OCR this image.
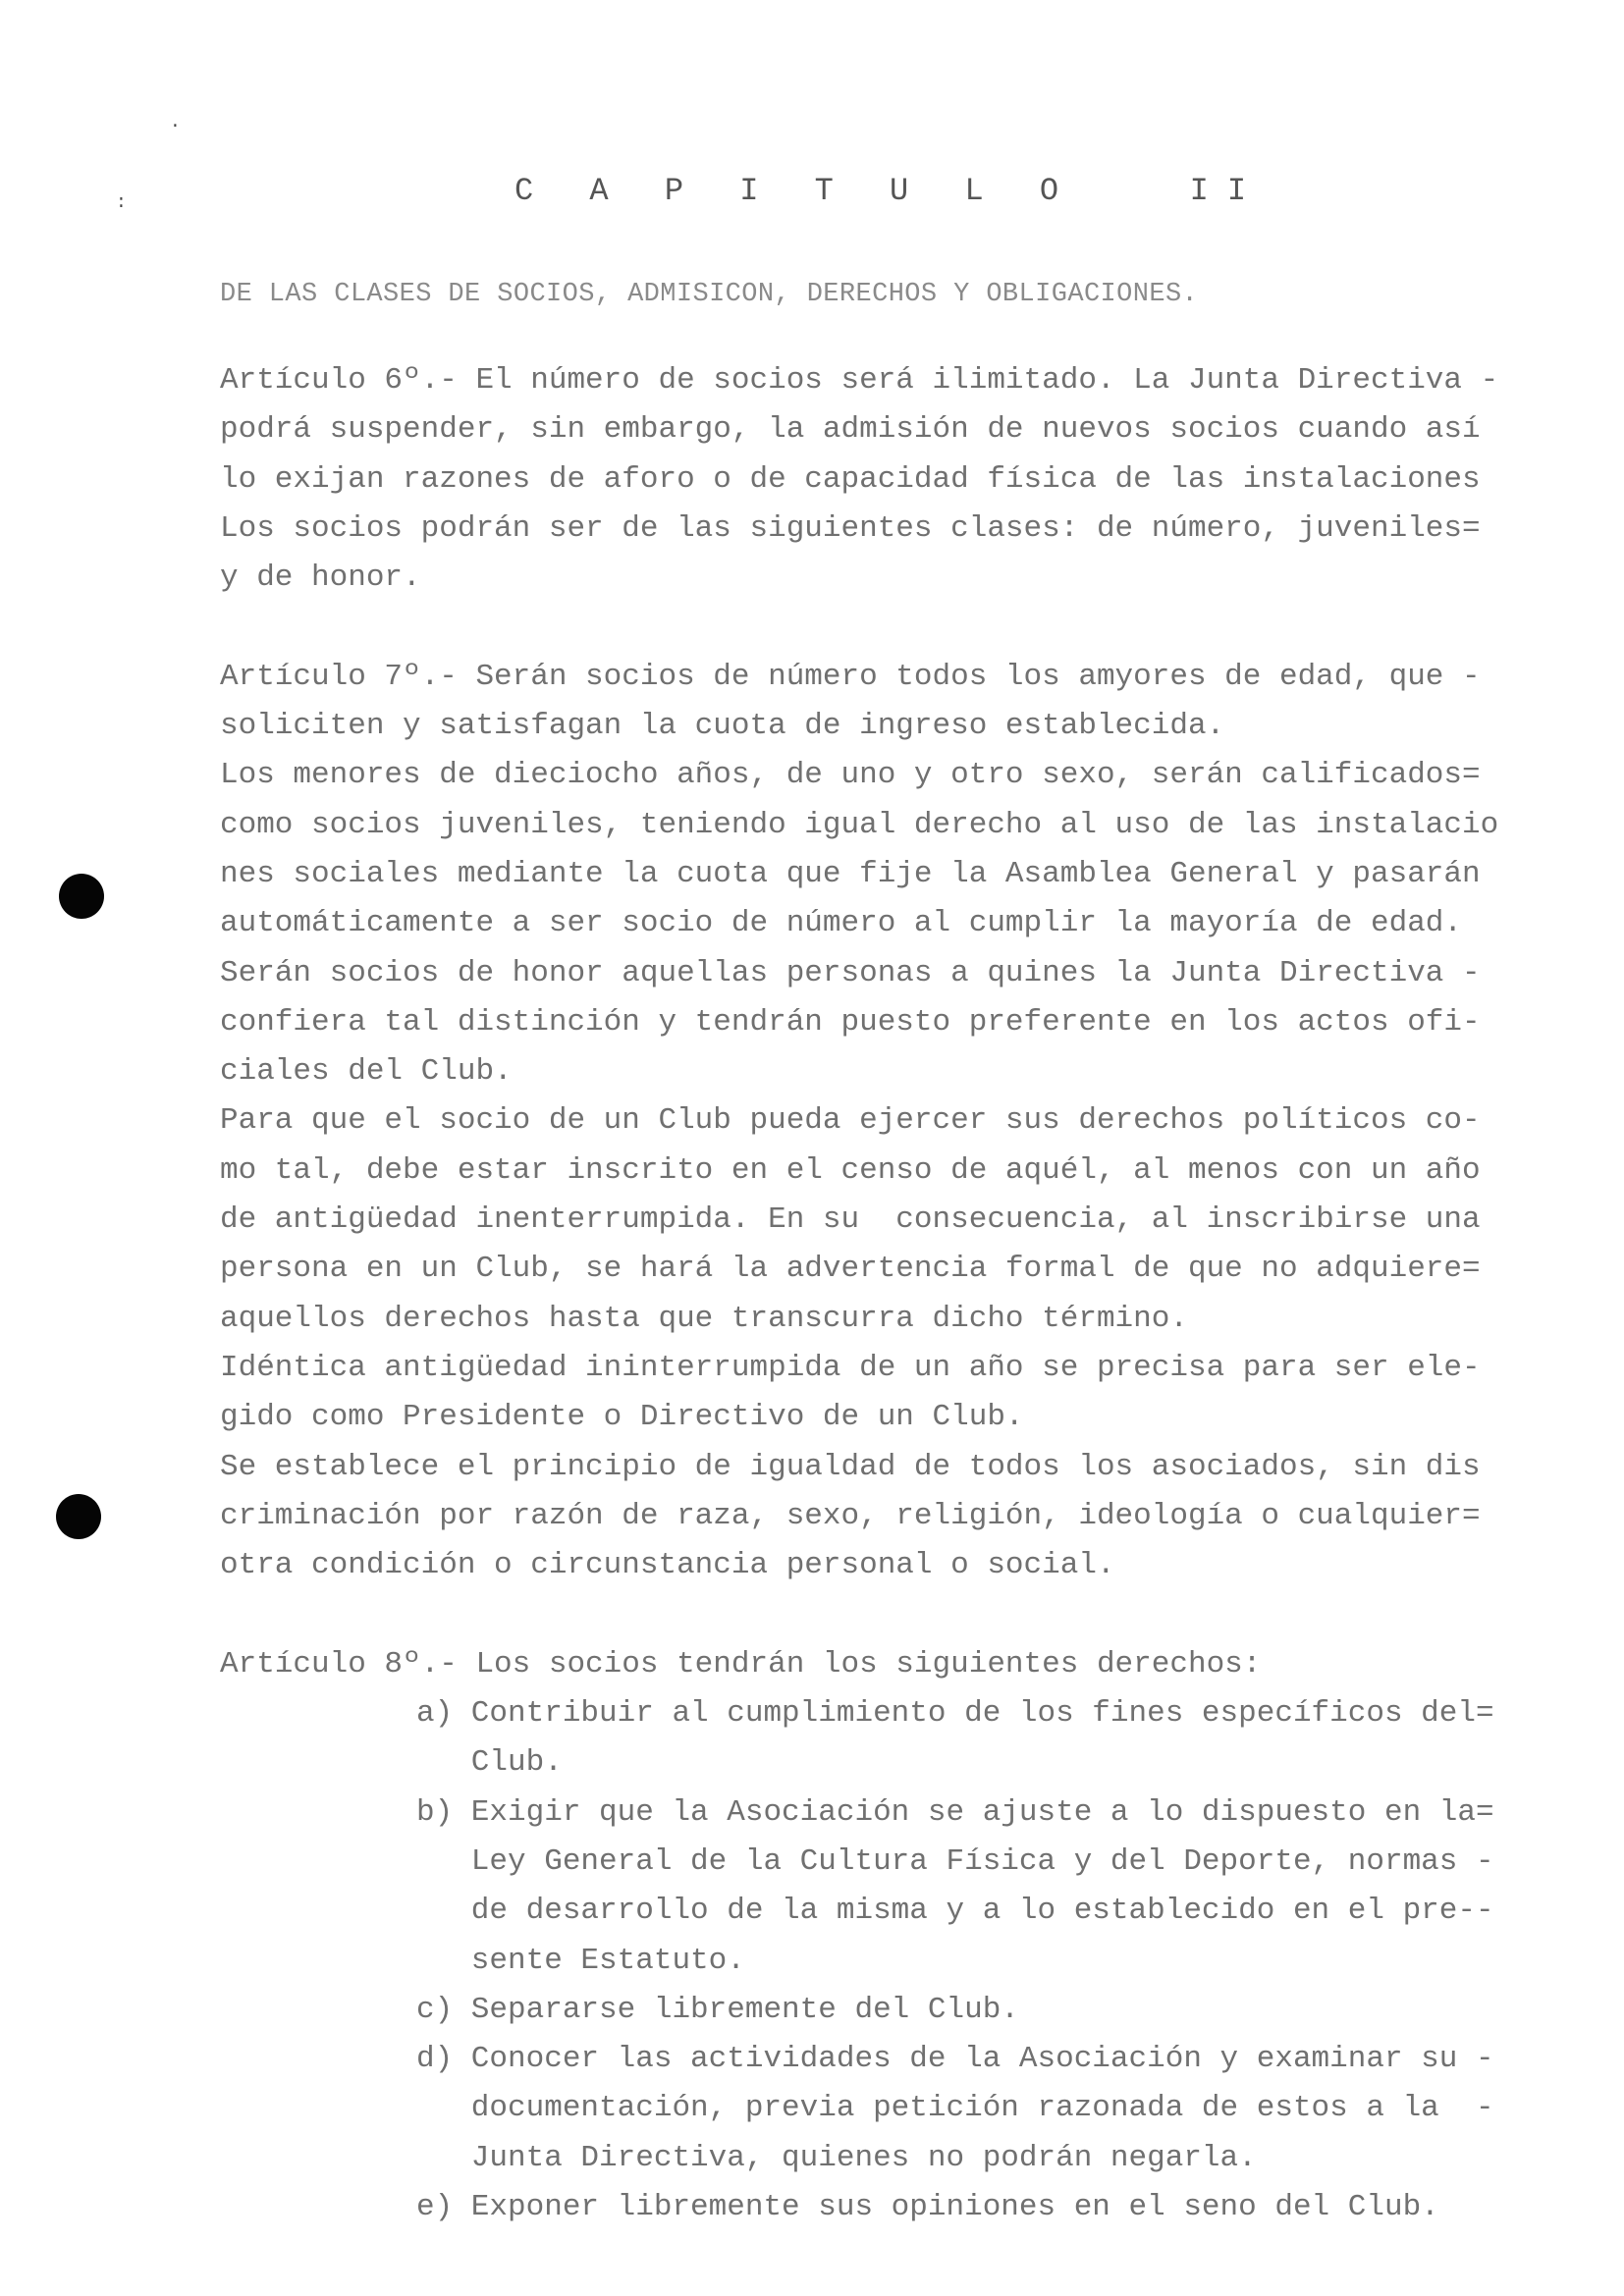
.
:	C A P I T U L O   II
DE LAS CLASES DE SOCIOS, ADMISICON, DERECHOS Y OBLIGACIONES.
Artículo 6º.- El número de socios será ilimitado. La Junta Directiva -
podrá suspender, sin embargo, la admisión de nuevos socios cuando así
lo exijan razones de aforo o de capacidad física de las instalaciones
Los socios podrán ser de las siguientes clases: de número, juveniles=
y de honor.
Artículo 7º.- Serán socios de número todos los amyores de edad, que -
soliciten y satisfagan la cuota de ingreso establecida.
Los menores de dieciocho años, de uno y otro sexo, serán calificados=
como socios juveniles, teniendo igual derecho al uso de las instalacio
nes sociales mediante la cuota que fije la Asamblea General y pasarán
automáticamente a ser socio de número al cumplir la mayoría de edad.
Serán socios de honor aquellas personas a quines la Junta Directiva -
confiera tal distinción y tendrán puesto preferente en los actos ofi-
ciales del Club.
Para que el socio de un Club pueda ejercer sus derechos políticos co-
mo tal, debe estar inscrito en el censo de aquél, al menos con un año
de antigüedad inenterrumpida. En su  consecuencia, al inscribirse una
persona en un Club, se hará la advertencia formal de que no adquiere=
aquellos derechos hasta que transcurra dicho término.
Idéntica antigüedad ininterrumpida de un año se precisa para ser ele-
gido como Presidente o Directivo de un Club.
Se establece el principio de igualdad de todos los asociados, sin dis
criminación por razón de raza, sexo, religión, ideología o cualquier=
otra condición o circunstancia personal o social.
Artículo 8º.- Los socios tendrán los siguientes derechos:
a) Contribuir al cumplimiento de los fines específicos del=
Club.
b) Exigir que la Asociación se ajuste a lo dispuesto en la=
Ley General de la Cultura Física y del Deporte, normas -
de desarrollo de la misma y a lo establecido en el pre--
sente Estatuto.
c) Separarse libremente del Club.
d) Conocer las actividades de la Asociación y examinar su -
documentación, previa petición razonada de estos a la  -
Junta Directiva, quienes no podrán negarla.
e) Exponer libremente sus opiniones en el seno del Club.
